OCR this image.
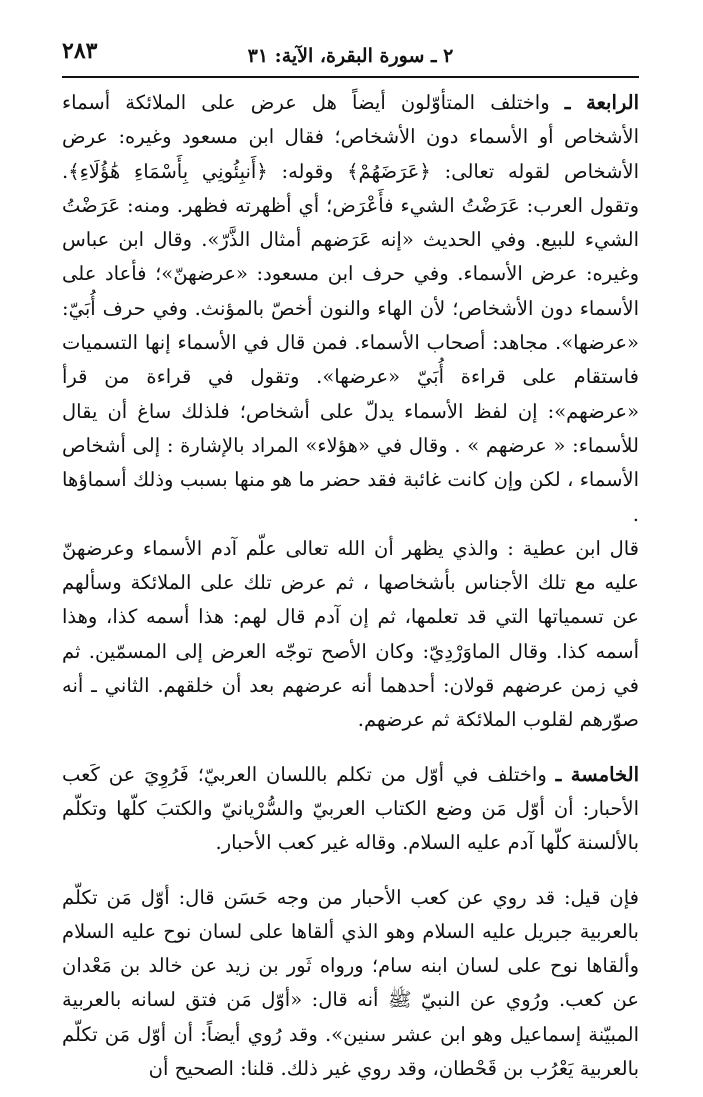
٢ ـ سورة البقرة، الآية: ٣١
٢٨٣

الرابعة ـ واختلف المتأوّلون أيضاً هل عرض على الملائكة أسماء الأشخاص أو الأسماء دون الأشخاص؛ فقال ابن مسعود وغيره: عرض الأشخاص لقوله تعالى: ﴿عَرَضَهُمْ﴾ وقوله: ﴿أَنبِئُونِي بِأَسْمَاءِ هَٰؤُلَاءِ﴾. وتقول العرب: عَرَضْتُ الشيء فأَعْرَض؛ أي أظهرته فظهر. ومنه: عَرَضْتُ الشيء للبيع. وفي الحديث «إنه عَرَضهم أمثال الذَّرّ». وقال ابن عباس وغيره: عرض الأسماء. وفي حرف ابن مسعود: «عرضهنّ»؛ فأعاد على الأسماء دون الأشخاص؛ لأن الهاء والنون أخصّ بالمؤنث. وفي حرف أُبَيّ: «عرضها». مجاهد: أصحاب الأسماء. فمن قال في الأسماء إنها التسميات فاستقام على قراءة أُبَيّ «عرضها». وتقول في قراءة من قرأ «عرضهم»: إن لفظ الأسماء يدلّ على أشخاص؛ فلذلك ساغ أن يقال للأسماء: « عرضهم » . وقال في «هؤلاء» المراد بالإشارة : إلى أشخاص الأسماء ، لكن وإن كانت غائبة فقد حضر ما هو منها بسبب وذلك أسماؤها .

قال ابن عطية : والذي يظهر أن الله تعالى علّم آدم الأسماء وعرضهنّ عليه مع تلك الأجناس بأشخاصها ، ثم عرض تلك على الملائكة وسألهم عن تسمياتها التي قد تعلمها، ثم إن آدم قال لهم: هذا أسمه كذا، وهذا أسمه كذا. وقال الماوَرْدِيّ: وكان الأصح توجّه العرض إلى المسمّين. ثم في زمن عرضهم قولان: أحدهما أنه عرضهم بعد أن خلقهم. الثاني ـ أنه صوّرهم لقلوب الملائكة ثم عرضهم.

الخامسة ـ واختلف في أوّل من تكلم باللسان العربيّ؛ فَرُوِيَ عن كَعب الأحبار: أن أوّل مَن وضع الكتاب العربيّ والسُّرْيانيّ والكتبَ كلّها وتكلّم بالألسنة كلّها آدم عليه السلام. وقاله غير كعب الأحبار.

فإن قيل: قد روي عن كعب الأحبار من وجه حَسَن قال: أوّل مَن تكلّم بالعربية جبريل عليه السلام وهو الذي ألقاها على لسان نوح عليه السلام وألقاها نوح على لسان ابنه سام؛ ورواه ثَور بن زيد عن خالد بن مَعْدان عن كعب. ورُوي عن النبيّ ﷺ أنه قال: «أوّل مَن فتق لسانه بالعربية المبيّنة إسماعيل وهو ابن عشر سنين». وقد رُوي أيضاً: أن أوّل مَن تكلّم بالعربية يَعْرُب بن قَحْطان، وقد روي غير ذلك. قلنا: الصحيح أن
